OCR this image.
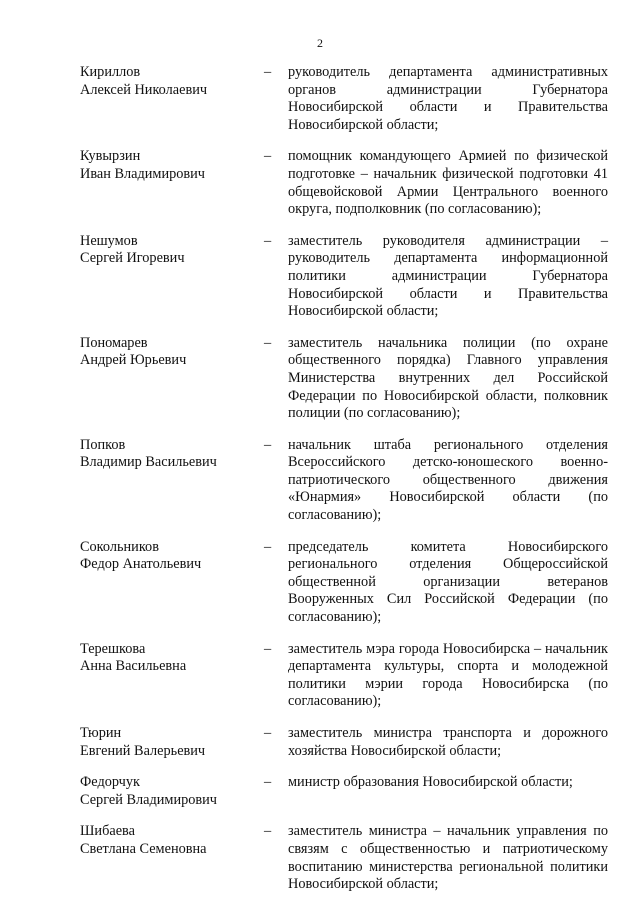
2
Кириллов
Алексей Николаевич
–	руководитель департамента административных органов администрации Губернатора Новосибирской области и Правительства Новосибирской области;
Кувырзин
Иван Владимирович
–	помощник командующего Армией по физической подготовке – начальник физической подготовки 41 общевойсковой Армии Центрального военного округа, подполковник (по согласованию);
Нешумов
Сергей Игоревич
–	заместитель руководителя администрации – руководитель департамента информационной политики администрации Губернатора Новосибирской области и Правительства Новосибирской области;
Пономарев
Андрей Юрьевич
–	заместитель начальника полиции (по охране общественного порядка) Главного управления Министерства внутренних дел Российской Федерации по Новосибирской области, полковник полиции (по согласованию);
Попков
Владимир Васильевич
–	начальник штаба регионального отделения Всероссийского детско-юношеского военно-патриотического общественного движения «Юнармия» Новосибирской области (по согласованию);
Сокольников
Федор Анатольевич
–	председатель комитета Новосибирского регионального отделения Общероссийской общественной организации ветеранов Вооруженных Сил Российской Федерации (по согласованию);
Терешкова
Анна Васильевна
–	заместитель мэра города Новосибирска – начальник департамента культуры, спорта и молодежной политики мэрии города Новосибирска (по согласованию);
Тюрин
Евгений Валерьевич
–	заместитель министра транспорта и дорожного хозяйства Новосибирской области;
Федорчук
Сергей Владимирович
–	министр образования Новосибирской области;
Шибаева
Светлана Семеновна
–	заместитель министра – начальник управления по связям с общественностью и патриотическому воспитанию министерства региональной политики Новосибирской области;
